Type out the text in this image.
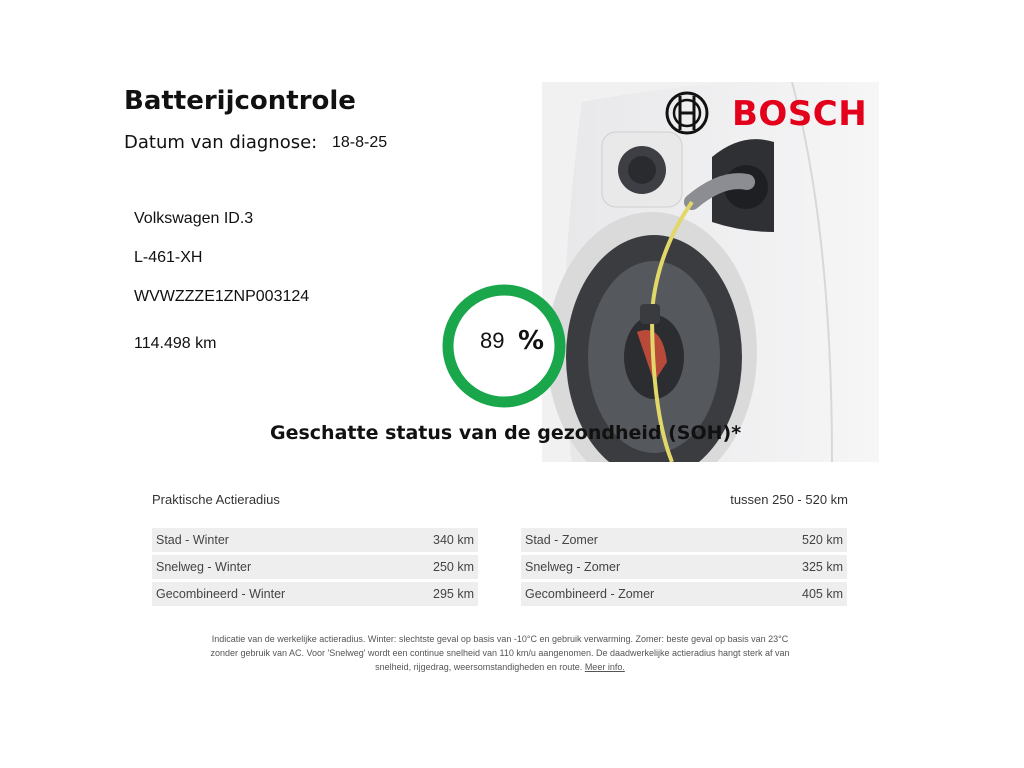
Batterijcontrole
Datum van diagnose: 18-8-25
BOSCH
Volkswagen ID.3
L-461-XH
WVWZZZE1ZNP003124
114.498 km	89 %
Geschatte status van de gezondheid (SOH)*
Praktische Actieradius	tussen 250 - 520 km
Stad - Winter	340 km
Snelweg - Winter	250 km
Gecombineerd - Winter	295 km
Stad - Zomer	520 km
Snelweg - Zomer	325 km
Gecombineerd - Zomer	405 km
Indicatie van de werkelijke actieradius. Winter: slechtste geval op basis van -10°C en gebruik verwarming. Zomer: beste geval op basis van 23°C
zonder gebruik van AC. Voor 'Snelweg' wordt een continue snelheid van 110 km/u aangenomen. De daadwerkelijke actieradius hangt sterk af van
snelheid, rijgedrag, weersomstandigheden en route. Meer info.
